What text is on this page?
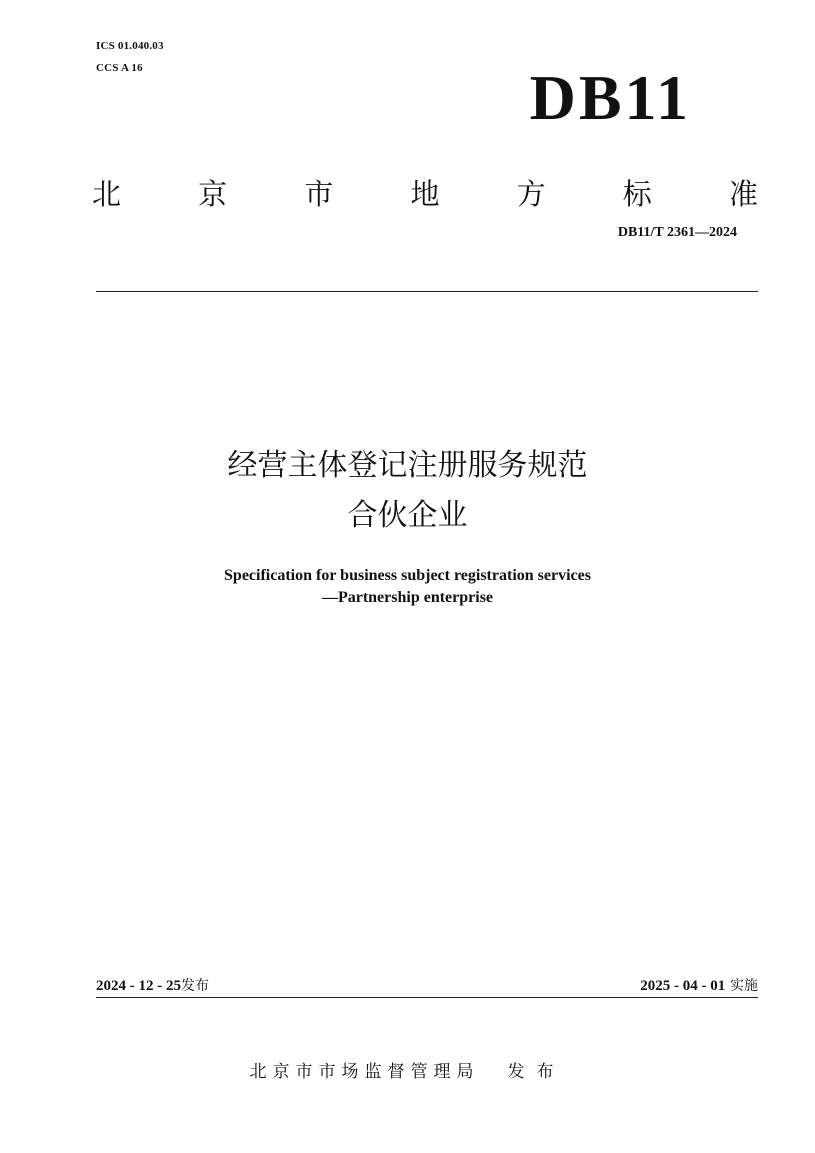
ICS 01.040.03
CCS A 16	DB11
北	京	市	地	方	标	准
DB11/T 2361—2024
经营主体登记注册服务规范
合伙企业
Specification for business subject registration services
—Partnership enterprise
2024 - 12 - 25发布	2025 - 04 - 01 实施
北京市市场监督管理局 发布
